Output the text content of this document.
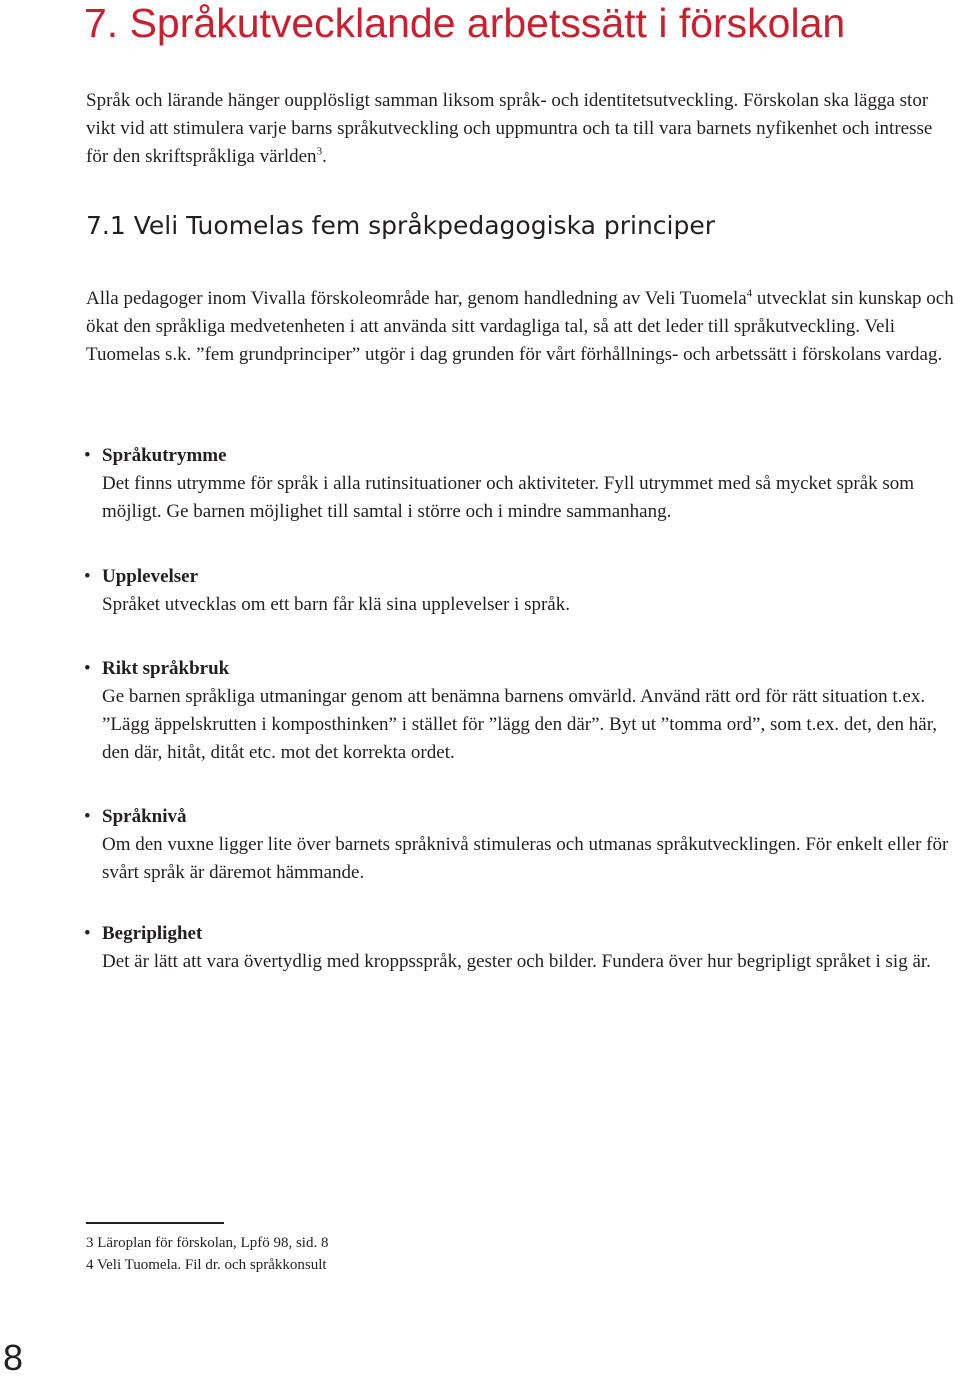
7. Språkutvecklande arbetssätt i förskolan

Språk och lärande hänger oupplösligt samman liksom språk- och identitetsutveckling. Förskolan ska lägga stor vikt vid att stimulera varje barns språkutveckling och uppmuntra och ta till vara barnets nyfikenhet och intresse för den skriftspråkliga världen$^3$.

7.1 Veli Tuomelas fem språkpedagogiska principer

Alla pedagoger inom Vivalla förskoleområde har, genom handledning av Veli Tuomela$^4$ utvecklat sin kunskap och ökat den språkliga medvetenheten i att använda sitt vardagliga tal, så att det leder till språkutveckling. Veli Tuomelas s.k. ”fem grundprinciper” utgör i dag grunden för vårt förhållnings- och arbetssätt i förskolans vardag.

• Språkutrymme

Det finns utrymme för språk i alla rutinsituationer och aktiviteter. Fyll utrymmet med så mycket språk som möjligt. Ge barnen möjlighet till samtal i större och i mindre sammanhang.

• Upplevelser

Språket utvecklas om ett barn får klä sina upplevelser i språk.

• Rikt språkbruk

Ge barnen språkliga utmaningar genom att benämna barnens omvärld. Använd rätt ord för rätt situation t.ex. ”Lägg äppelskrutten i komposthinken” i stället för ”lägg den där”. Byt ut ”tomma ord”, som t.ex. det, den här, den där, hitåt, ditåt etc. mot det korrekta ordet.

• Språknivå

Om den vuxne ligger lite över barnets språknivå stimuleras och utmanas språkutvecklingen. För enkelt eller för svårt språk är däremot hämmande.

• Begriplighet

Det är lätt att vara övertydlig med kroppsspråk, gester och bilder. Fundera över hur begripligt språket i sig är.

3 Läroplan för förskolan, Lpfö 98, sid. 8

4 Veli Tuomela. Fil dr. och språkkonsult

8
